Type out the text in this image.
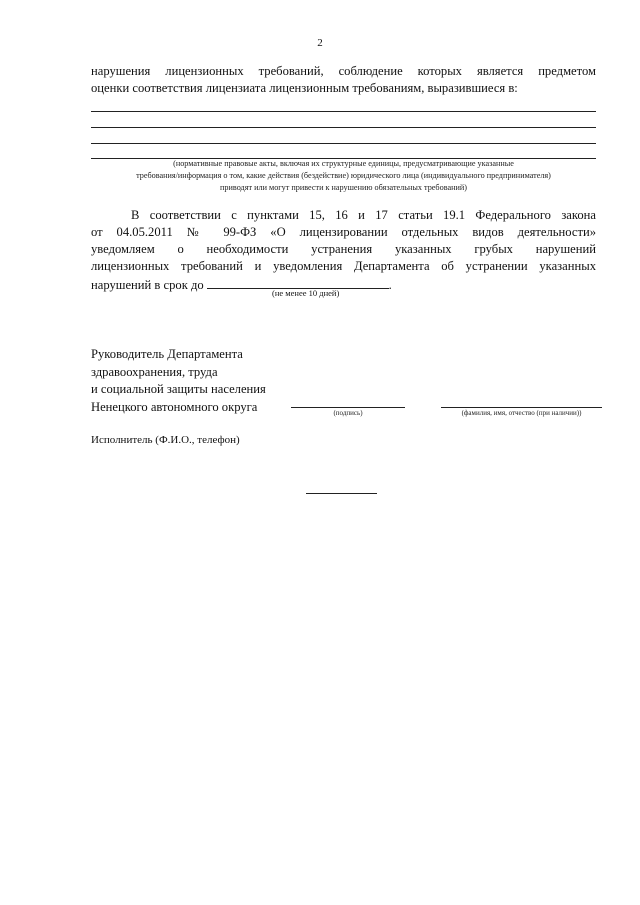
2

нарушения лицензионных требований, соблюдение которых является предметом

оценки соответствия лицензиата лицензионным требованиям, выразившиеся в:

(нормативные правовые акты, включая их структурные единицы, предусматривающие указанные
требования/информация о том, какие действия (бездействие) юридического лица (индивидуального предпринимателя)
приводят или могут привести к нарушению обязательных требований)
В соответствии с пунктами 15, 16 и 17 статьи 19.1 Федерального закона
от 04.05.2011 № 99-ФЗ «О лицензировании отдельных видов деятельности»
уведомляем о необходимости устранения указанных грубых нарушений
лицензионных требований и уведомления Департамента об устранении указанных
нарушений в срок до	.
(не менее 10 дней)
Руководитель Департамента
здравоохранения, труда
и социальной защиты населения
Ненецкого автономного округа	(подпись)	(фамилия, имя, отчество (при наличии))
Исполнитель (Ф.И.О., телефон)
